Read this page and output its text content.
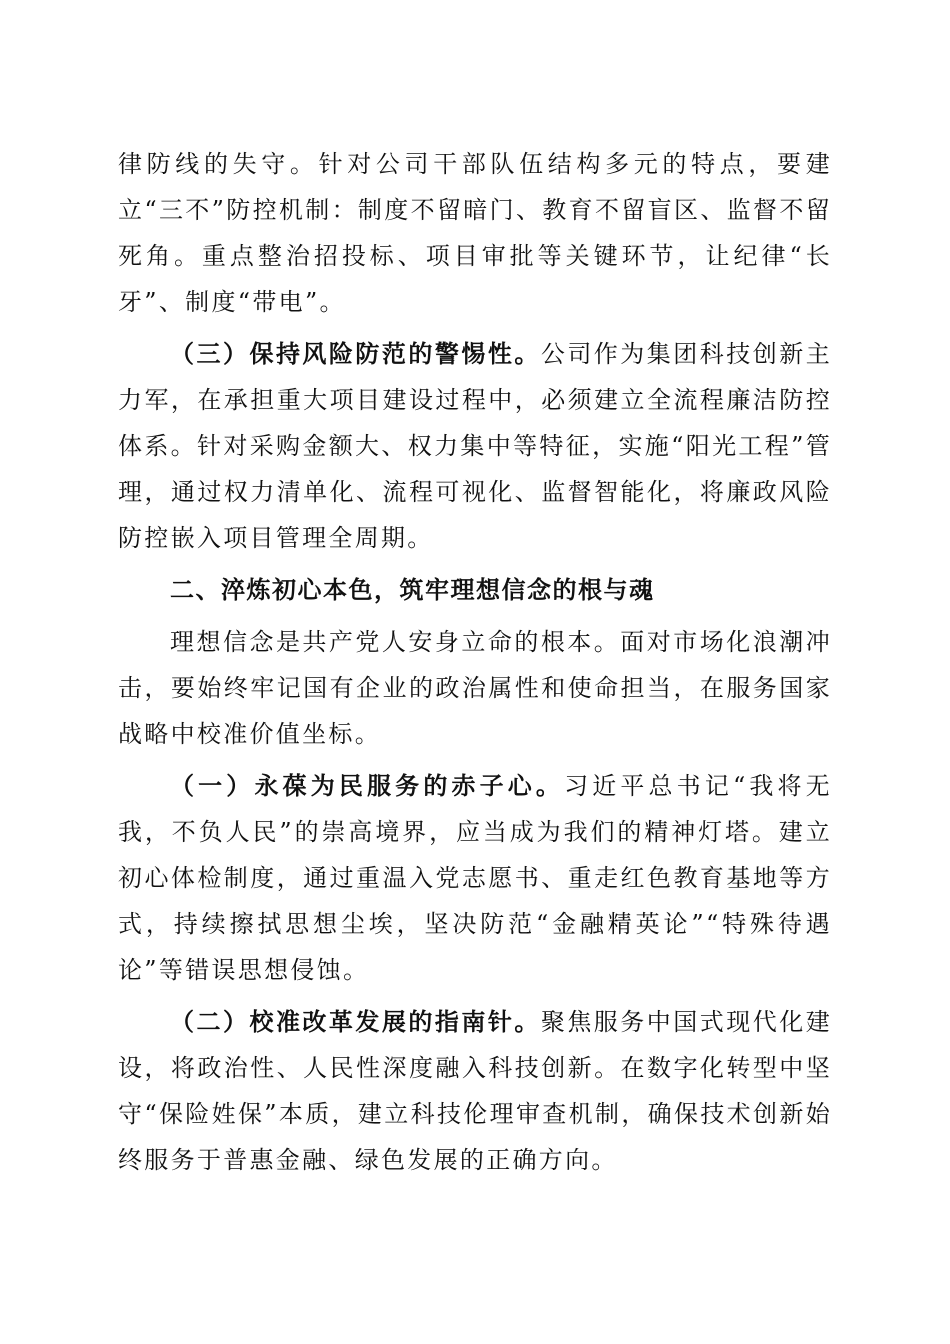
律防线的失守。针对公司干部队伍结构多元的特点，要建立“三不”防控机制：制度不留暗门、教育不留盲区、监督不留死角。重点整治招投标、项目审批等关键环节，让纪律“长牙”、制度“带电”。

（三）保持风险防范的警惕性。公司作为集团科技创新主力军，在承担重大项目建设过程中，必须建立全流程廉洁防控体系。针对采购金额大、权力集中等特征，实施“阳光工程”管理，通过权力清单化、流程可视化、监督智能化，将廉政风险防控嵌入项目管理全周期。

二、淬炼初心本色，筑牢理想信念的根与魂

理想信念是共产党人安身立命的根本。面对市场化浪潮冲击，要始终牢记国有企业的政治属性和使命担当，在服务国家战略中校准价值坐标。

（一）永葆为民服务的赤子心。习近平总书记“我将无我，不负人民”的崇高境界，应当成为我们的精神灯塔。建立初心体检制度，通过重温入党志愿书、重走红色教育基地等方式，持续擦拭思想尘埃，坚决防范“金融精英论”“特殊待遇论”等错误思想侵蚀。

（二）校准改革发展的指南针。聚焦服务中国式现代化建设，将政治性、人民性深度融入科技创新。在数字化转型中坚守“保险姓保”本质，建立科技伦理审查机制，确保技术创新始终服务于普惠金融、绿色发展的正确方向。
